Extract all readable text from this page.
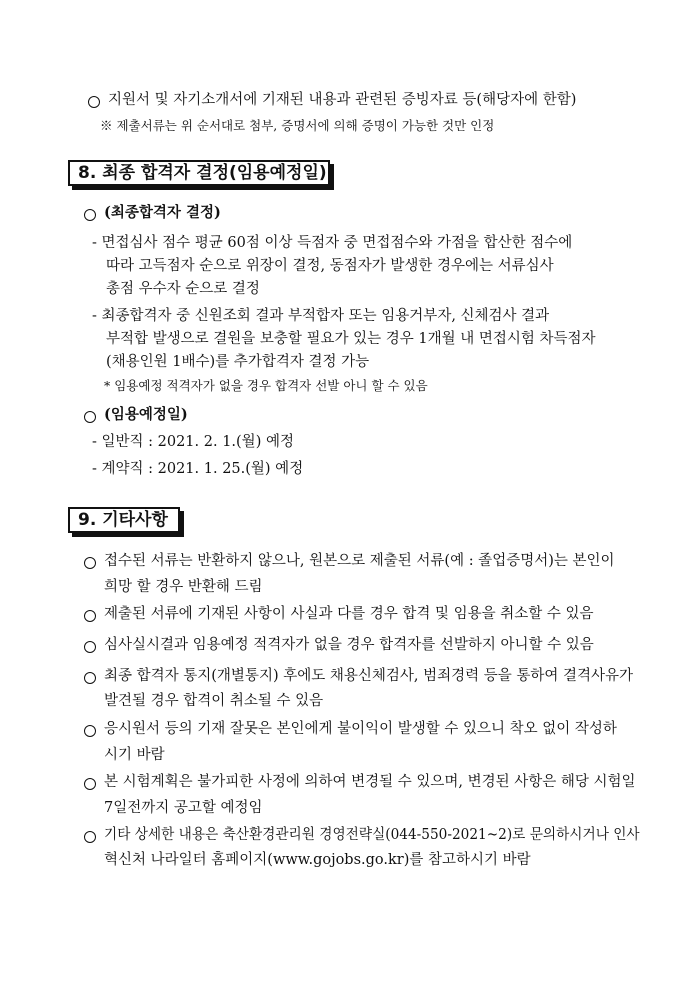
지원서 및 자기소개서에 기재된 내용과 관련된 증빙자료 등(해당자에 한함)
※ 제출서류는 위 순서대로 첨부, 증명서에 의해 증명이 가능한 것만 인정
8. 최종 합격자 결정(임용예정일)
(최종합격자 결정)
- 면접심사 점수 평균 60점 이상 득점자 중 면접점수와 가점을 합산한 점수에
따라 고득점자 순으로 위장이 결정, 동점자가 발생한 경우에는 서류심사
총점 우수자 순으로 결정
- 최종합격자 중 신원조회 결과 부적합자 또는 임용거부자, 신체검사 결과
부적합 발생으로 결원을 보충할 필요가 있는 경우 1개월 내 면접시험 차득점자
(채용인원 1배수)를 추가합격자 결정 가능
* 임용예정 적격자가 없을 경우 합격자 선발 아니 할 수 있음
(임용예정일)
- 일반직 : 2021. 2. 1.(월) 예정
- 계약직 : 2021. 1. 25.(월) 예정
9. 기타사항
접수된 서류는 반환하지 않으나, 원본으로 제출된 서류(예 : 졸업증명서)는 본인이
희망 할 경우 반환해 드림
제출된 서류에 기재된 사항이 사실과 다를 경우 합격 및 임용을 취소할 수 있음
심사실시결과 임용예정 적격자가 없을 경우 합격자를 선발하지 아니할 수 있음
최종 합격자 통지(개별통지) 후에도 채용신체검사, 범죄경력 등을 통하여 결격사유가
발견될 경우 합격이 취소될 수 있음
응시원서 등의 기재 잘못은 본인에게 불이익이 발생할 수 있으니 착오 없이 작성하
시기 바람
본 시험계획은 불가피한 사정에 의하여 변경될 수 있으며, 변경된 사항은 해당 시험일
7일전까지 공고할 예정임
기타 상세한 내용은 축산환경관리원 경영전략실(044-550-2021~2)로 문의하시거나 인사
혁신처 나라일터 홈페이지(www.gojobs.go.kr)를 참고하시기 바람
